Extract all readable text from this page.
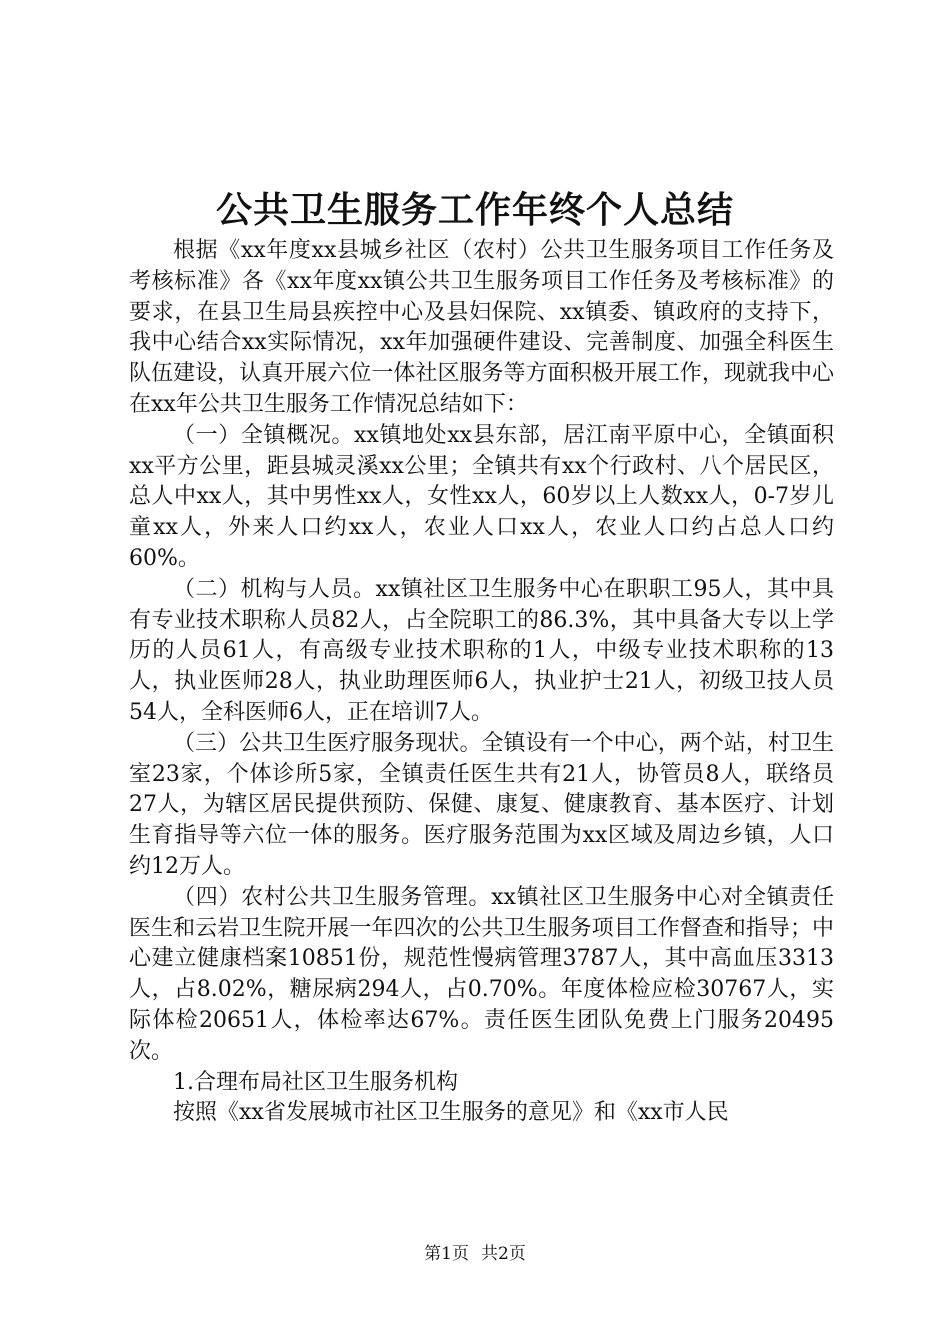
公共卫生服务工作年终个人总结

根据《xx年度xx县城乡社区（农村）公共卫生服务项目工作任务及考核标准》各《xx年度xx镇公共卫生服务项目工作任务及考核标准》的要求，在县卫生局县疾控中心及县妇保院、xx镇委、镇政府的支持下，我中心结合xx实际情况，xx年加强硬件建设、完善制度、加强全科医生队伍建设，认真开展六位一体社区服务等方面积极开展工作，现就我中心在xx年公共卫生服务工作情况总结如下：

（一）全镇概况。xx镇地处xx县东部，居江南平原中心，全镇面积xx平方公里，距县城灵溪xx公里；全镇共有xx个行政村、八个居民区，总人中xx人，其中男性xx人，女性xx人，60岁以上人数xx人，0-7岁儿童xx人，外来人口约xx人，农业人口xx人，农业人口约占总人口约60%。

（二）机构与人员。xx镇社区卫生服务中心在职职工95人，其中具有专业技术职称人员82人，占全院职工的86.3%，其中具备大专以上学历的人员61人，有高级专业技术职称的1人，中级专业技术职称的13人，执业医师28人，执业助理医师6人，执业护士21人，初级卫技人员54人，全科医师6人，正在培训7人。

（三）公共卫生医疗服务现状。全镇设有一个中心，两个站，村卫生室23家，个体诊所5家，全镇责任医生共有21人，协管员8人，联络员27人，为辖区居民提供预防、保健、康复、健康教育、基本医疗、计划生育指导等六位一体的服务。医疗服务范围为xx区域及周边乡镇，人口约12万人。

（四）农村公共卫生服务管理。xx镇社区卫生服务中心对全镇责任医生和云岩卫生院开展一年四次的公共卫生服务项目工作督查和指导；中心建立健康档案10851份，规范性慢病管理3787人，其中高血压3313人，占8.02%，糖尿病294人，占0.70%。年度体检应检30767人，实际体检20651人，体检率达67%。责任医生团队免费上门服务20495次。

1.合理布局社区卫生服务机构

按照《xx省发展城市社区卫生服务的意见》和《xx市人民

第1页 共2页
